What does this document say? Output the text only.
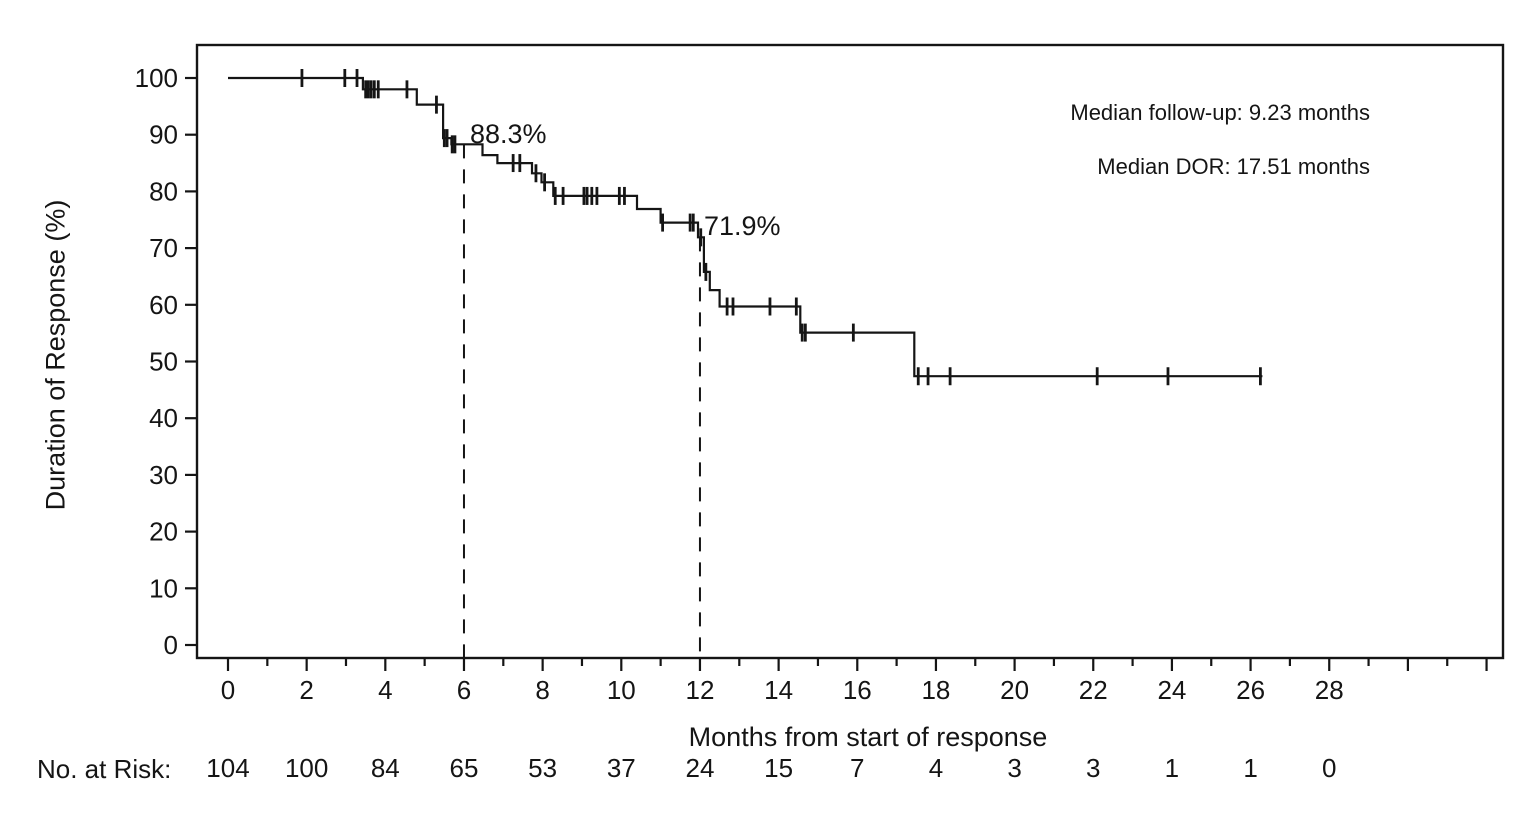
0
10
20
30
40
50
60
70
80
90
100
0 2 4 6 8 10 12 14 16 18 20 22 24 26 28
104 100 84 65 53 37 24 15 7 4 3 3 1 1 0
Duration of Response (%)
Months from start of response
Median follow-up: 9.23 months
Median DOR: 17.51 months
88.3%
71.9%
No. at Risk:
